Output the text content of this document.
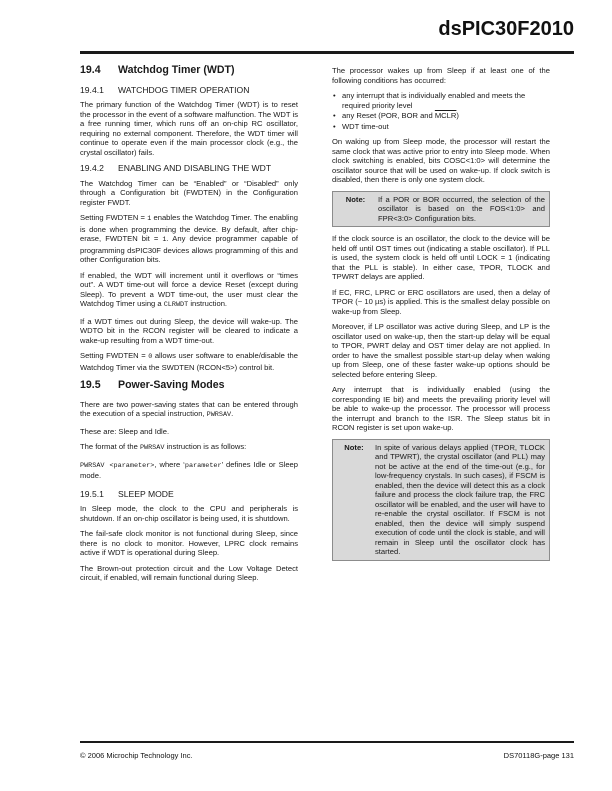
dsPIC30F2010
19.4	Watchdog Timer (WDT)
19.4.1	WATCHDOG TIMER OPERATION

The primary function of the Watchdog Timer (WDT) is to reset the processor in the event of a software malfunction. The WDT is a free running timer, which runs off an on-chip RC oscillator, requiring no external component. Therefore, the WDT timer will continue to operate even if the main processor clock (e.g., the crystal oscillator) fails.

19.4.2	ENABLING AND DISABLING THE WDT

The Watchdog Timer can be “Enabled” or “Disabled” only through a Configuration bit (FWDTEN) in the Configuration register FWDT.

Setting FWDTEN = 1 enables the Watchdog Timer. The enabling is done when programming the device. By default, after chip-erase, FWDTEN bit = 1. Any device programmer capable of programming dsPIC30F devices allows programming of this and other Configuration bits.

If enabled, the WDT will increment until it overflows or “times out”. A WDT time-out will force a device Reset (except during Sleep). To prevent a WDT time-out, the user must clear the Watchdog Timer using a CLRWDT instruction.

If a WDT times out during Sleep, the device will wake-up. The WDTO bit in the RCON register will be cleared to indicate a wake-up resulting from a WDT time-out.

Setting FWDTEN = 0 allows user software to enable/disable the Watchdog Timer via the SWDTEN (RCON<5>) control bit.

19.5	Power-Saving Modes

There are two power-saving states that can be entered through the execution of a special instruction, PWRSAV.

These are: Sleep and Idle.

The format of the PWRSAV instruction is as follows:

PWRSAV <parameter>, where ‘parameter’ defines Idle or Sleep mode.

19.5.1	SLEEP MODE

In Sleep mode, the clock to the CPU and peripherals is shutdown. If an on-chip oscillator is being used, it is shutdown.

The fail-safe clock monitor is not functional during Sleep, since there is no clock to monitor. However, LPRC clock remains active if WDT is operational during Sleep.

The Brown-out protection circuit and the Low Voltage Detect circuit, if enabled, will remain functional during Sleep.

The processor wakes up from Sleep if at least one of the following conditions has occurred:

• any interrupt that is individually enabled and meets the required priority level
• any Reset (POR, BOR and MCLR)
• WDT time-out

On waking up from Sleep mode, the processor will restart the same clock that was active prior to entry into Sleep mode. When clock switching is enabled, bits COSC<1:0> will determine the oscillator source that will be used on wake-up. If clock switch is disabled, then there is only one system clock.

Note:	If a POR or BOR occurred, the selection of the oscillator is based on the FOS<1:0> and FPR<3:0> Configuration bits.

If the clock source is an oscillator, the clock to the device will be held off until OST times out (indicating a stable oscillator). If PLL is used, the system clock is held off until LOCK = 1 (indicating that the PLL is stable). In either case, TPOR, TLOCK and TPWRT delays are applied.

If EC, FRC, LPRC or ERC oscillators are used, then a delay of TPOR (~ 10 µs) is applied. This is the smallest delay possible on wake-up from Sleep.

Moreover, if LP oscillator was active during Sleep, and LP is the oscillator used on wake-up, then the start-up delay will be equal to TPOR, PWRT delay and OST timer delay are not applied. In order to have the smallest possible start-up delay when waking up from Sleep, one of these faster wake-up options should be selected before entering Sleep.

Any interrupt that is individually enabled (using the corresponding IE bit) and meets the prevailing priority level will be able to wake-up the processor. The processor will process the interrupt and branch to the ISR. The Sleep status bit in RCON register is set upon wake-up.

Note:	In spite of various delays applied (TPOR, TLOCK and TPWRT), the crystal oscillator (and PLL) may not be active at the end of the time-out (e.g., for low-frequency crystals. In such cases), if FSCM is enabled, then the device will detect this as a clock failure and process the clock failure trap, the FRC oscillator will be enabled, and the user will have to re-enable the crystal oscillator. If FSCM is not enabled, then the device will simply suspend execution of code until the clock is stable, and will remain in Sleep until the oscillator clock has started.
© 2006 Microchip Technology Inc.	DS70118G-page 131
